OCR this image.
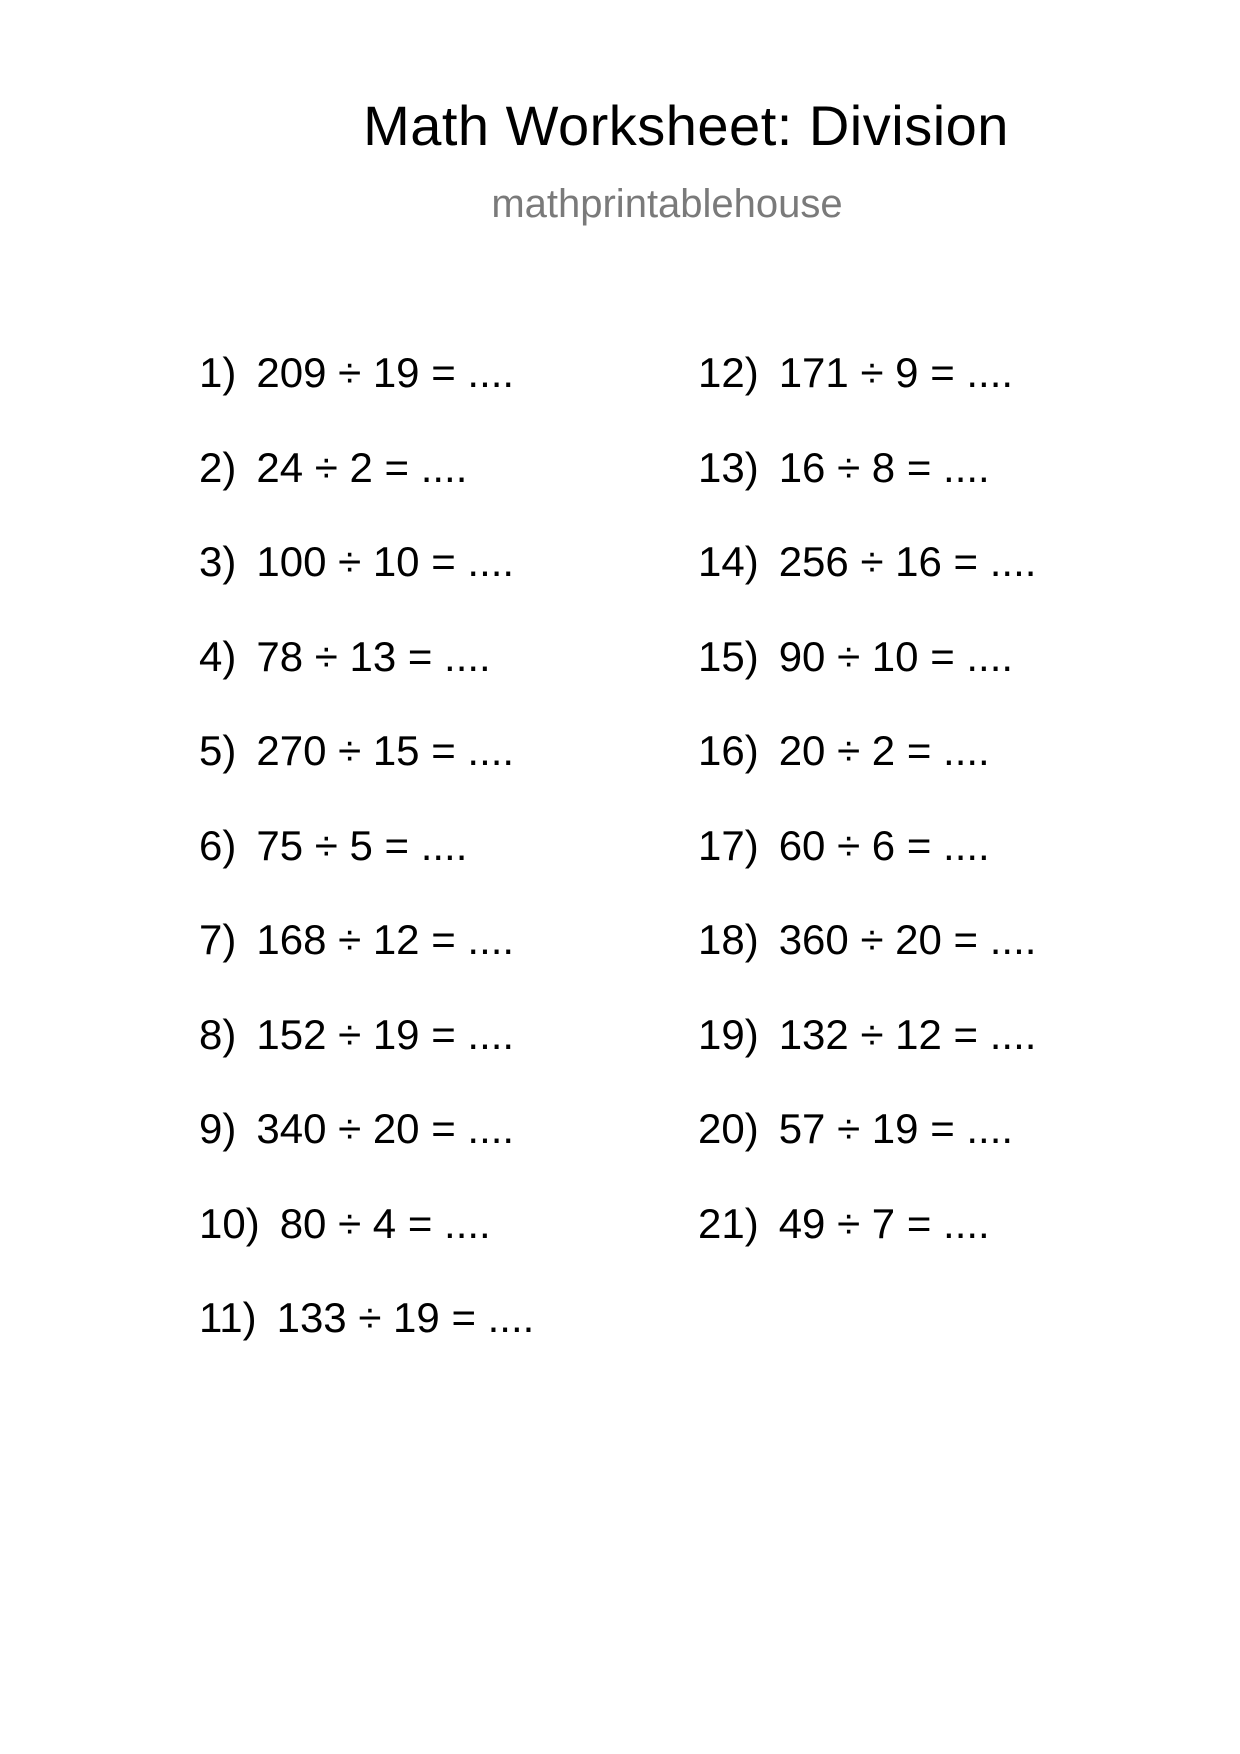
Math Worksheet: Division
mathprintablehouse
1) 209 ÷ 19 = ....
2) 24 ÷ 2 = ....
3) 100 ÷ 10 = ....
4) 78 ÷ 13 = ....
5) 270 ÷ 15 = ....
6) 75 ÷ 5 = ....
7) 168 ÷ 12 = ....
8) 152 ÷ 19 = ....
9) 340 ÷ 20 = ....
10) 80 ÷ 4 = ....
11) 133 ÷ 19 = ....
12) 171 ÷ 9 = ....
13) 16 ÷ 8 = ....
14) 256 ÷ 16 = ....
15) 90 ÷ 10 = ....
16) 20 ÷ 2 = ....
17) 60 ÷ 6 = ....
18) 360 ÷ 20 = ....
19) 132 ÷ 12 = ....
20) 57 ÷ 19 = ....
21) 49 ÷ 7 = ....
